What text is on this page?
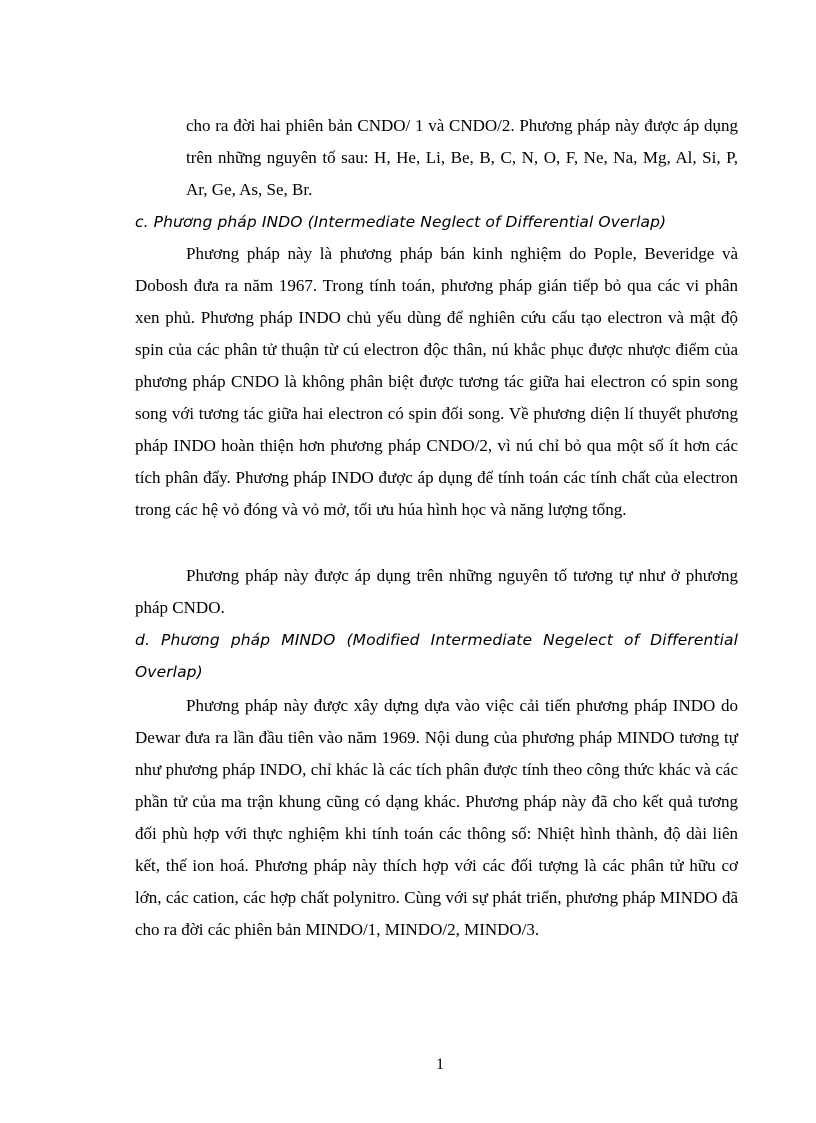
cho ra đời hai phiên bản CNDO/ 1 và CNDO/2. Phương pháp này được áp dụng trên những nguyên tố sau: H, He, Li, Be, B, C, N, O, F, Ne, Na, Mg, Al, Si, P, Ar, Ge, As, Se, Br.

c. Phương pháp INDO (Intermediate Neglect of Differential Overlap)

Phương pháp này là phương pháp bán kinh nghiệm do Pople, Beveridge và Dobosh đưa ra năm 1967. Trong tính toán, phương pháp gián tiếp bỏ qua các vi phân xen phủ. Phương pháp INDO chủ yếu dùng để nghiên cứu cấu tạo electron và mật độ spin của các phân tử thuận từ cú electron độc thân, nú khắc phục được nhược điểm của phương pháp CNDO là không phân biệt được tương tác giữa hai electron có spin song song với tương tác giữa hai electron có spin đối song. Về phương diện lí thuyết phương pháp INDO hoàn thiện hơn phương pháp CNDO/2, vì nú chỉ bỏ qua một số ít hơn các tích phân đẩy. Phương pháp INDO được áp dụng để tính toán các tính chất của electron trong các hệ vỏ đóng và vỏ mở, tối ưu húa hình học và năng lượng tổng.

Phương pháp này được áp dụng trên những nguyên tố tương tự như ở phương pháp CNDO.

d. Phương pháp MINDO (Modified Intermediate Negelect of Differential Overlap)

Phương pháp này được xây dựng dựa vào việc cải tiến phương pháp INDO do Dewar đưa ra lần đầu tiên vào năm 1969. Nội dung của phương pháp MINDO tương tự như phương pháp INDO, chỉ khác là các tích phân được tính theo công thức khác và các phần tử của ma trận khung cũng có dạng khác. Phương pháp này đã cho kết quả tương đối phù hợp với thực nghiệm khi tính toán các thông số: Nhiệt hình thành, độ dài liên kết, thế ion hoá. Phương pháp này thích hợp với các đối tượng là các phân tử hữu cơ lớn, các cation, các hợp chất polynitro. Cùng với sự phát triển, phương pháp MINDO đã cho ra đời các phiên bản MINDO/1, MINDO/2, MINDO/3.

1
